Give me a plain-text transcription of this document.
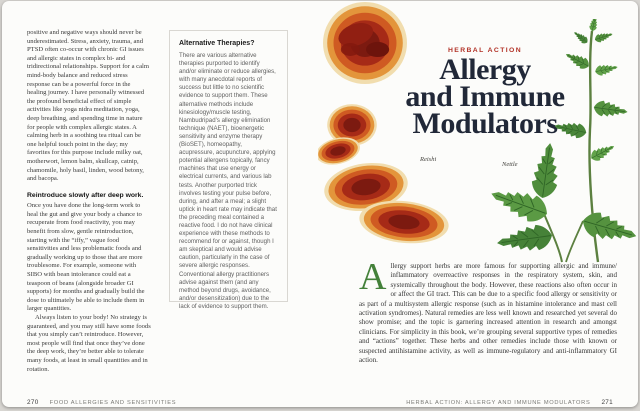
positive and negative ways should never be underestimated. Stress, anxiety, trauma, and PTSD often co-occur with chronic GI issues and allergic states in complex bi- and tridirectional relationships. Support for a calm mind-body balance and reduced stress response can be a powerful force in the healing journey. I have personally witnessed the profound beneficial effect of simple activities like yoga nidra meditation, yoga, deep breathing, and spending time in nature for people with complex allergic states. A calming herb in a soothing tea ritual can be one helpful touch point in the day; my favorites for this purpose include milky oat, motherwort, lemon balm, skullcap, catnip, chamomile, holy basil, linden, wood betony, and bacopa.

Reintroduce slowly after deep work.

Once you have done the long-term work to heal the gut and give your body a chance to recuperate from food reactivity, you may benefit from slow, gentle reintroduction, starting with the “iffy,” vague food sensitivities and less problematic foods and gradually working up to those that are more troublesome. For example, someone with SIBO with bean intolerance could eat a teaspoon of beans (alongside broader GI supports) for months and gradually build the dose to ultimately be able to include them in larger quantities.

Always listen to your body! No strategy is guaranteed, and you may still have some foods that you simply can’t reintroduce. However, most people will find that once they’ve done the deep work, they’re better able to tolerate many foods, at least in small quantities and in rotation.

Alternative Therapies?

There are various alternative therapies purported to identify and/or eliminate or reduce allergies, with many anecdotal reports of success but little to no scientific evidence to support them. These alternative methods include kinesiology/muscle testing, Nambudripad’s allergy elimination technique (NAET), bioenergetic sensitivity and enzyme therapy (BioSET), homeopathy, acupressure, acupuncture, applying potential allergens topically, fancy machines that use energy or electrical currents, and various lab tests. Another purported trick involves testing your pulse before, during, and after a meal; a slight uptick in heart rate may indicate that the preceding meal contained a reactive food. I do not have clinical experience with these methods to recommend for or against, though I am skeptical and would advise caution, particularly in the case of severe allergic responses. Conventional allergy practitioners advise against them (and any method beyond drugs, avoidance, and/or desensitization) due to the lack of evidence to support them.

HERBAL ACTION
Allergy
and Immune
Modulators
Reishi
Nettle
Allergy support herbs are more famous for supporting allergic and immune/ inflammatory overreactive responses in the respiratory system, skin, and systemically throughout the body. However, these reactions also often occur in or affect the GI tract. This can be due to a specific food allergy or sensitivity or as part of a multisystem allergic response (such as in histamine intolerance and mast cell activation syndromes). Natural remedies are less well known and researched yet several do show promise; and the topic is garnering increased attention in research and amongst clinicians. For simplicity in this book, we’re grouping several supportive types of remedies and “actions” together. These herbs and other remedies include those with known or suspected antihistamine activity, as well as immune-regulatory and anti-inflammatory GI action.
270 FOOD ALLERGIES AND SENSITIVITIES	HERBAL ACTION: ALLERGY AND IMMUNE MODULATORS 271
